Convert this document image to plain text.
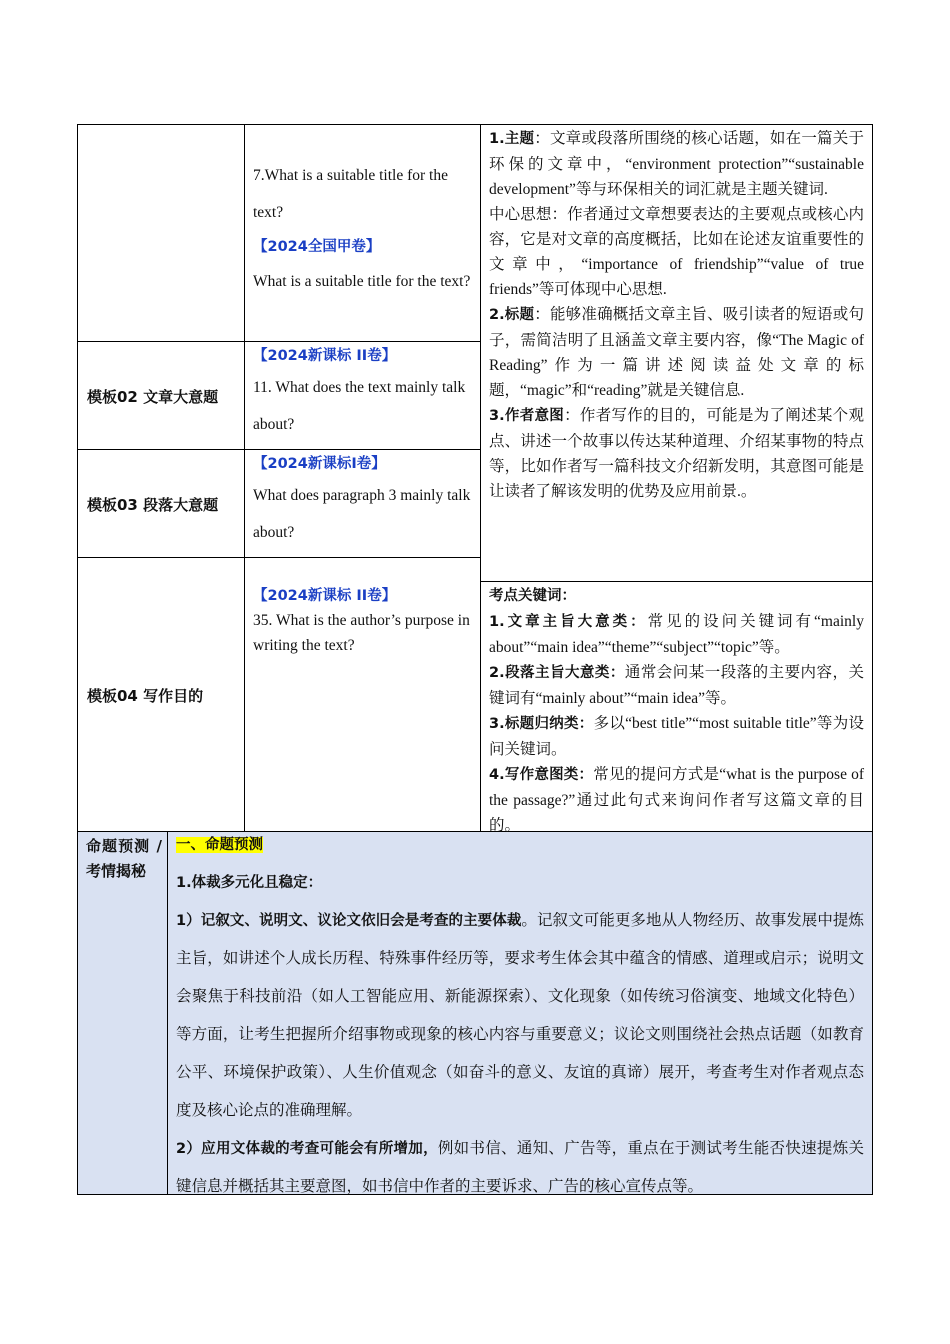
7.What is a suitable title for the text?
【2024全国甲卷】
What is a suitable title for the text?
模板02 文章大意题
【2024新课标 II卷】
11. What does the text mainly talk about?
模板03 段落大意题
【2024新课标Ⅰ卷】
What does paragraph 3 mainly talk about?
模板04 写作目的
【2024新课标 II卷】
35. What is the author’s purpose in writing the text?

1.主题：文章或段落所围绕的核心话题，如在一篇关于环保的文章中，“environment protection”“sustainable development”等与环保相关的词汇就是主题关键词.

中心思想：作者通过文章想要表达的主要观点或核心内容，它是对文章的高度概括，比如在论述友谊重要性的文章中，“importance of friendship”“value of true friends”等可体现中心思想.

2.标题：能够准确概括文章主旨、吸引读者的短语或句子，需简洁明了且涵盖文章主要内容，像“The Magic of Reading”作为一篇讲述阅读益处文章的标题，“magic”和“reading”就是关键信息.

3.作者意图：作者写作的目的，可能是为了阐述某个观点、讲述一个故事以传达某种道理、介绍某事物的特点等，比如作者写一篇科技文介绍新发明，其意图可能是让读者了解该发明的优势及应用前景.。

考点关键词：

1.文章主旨大意类：常见的设问关键词有“mainly about”“main idea”“theme”“subject”“topic”等。

2.段落主旨大意类：通常会问某一段落的主要内容，关键词有“mainly about”“main idea”等。

3.标题归纳类：多以“best title”“most suitable title”等为设问关键词。

4.写作意图类：常见的提问方式是“what is the purpose of the passage?”通过此句式来询问作者写这篇文章的目的。

命题预测 / 考情揭秘

一、命题预测

1.体裁多元化且稳定：

1）记叙文、说明文、议论文依旧会是考查的主要体裁。记叙文可能更多地从人物经历、故事发展中提炼主旨，如讲述个人成长历程、特殊事件经历等，要求考生体会其中蕴含的情感、道理或启示；说明文会聚焦于科技前沿（如人工智能应用、新能源探索）、文化现象（如传统习俗演变、地域文化特色）等方面，让考生把握所介绍事物或现象的核心内容与重要意义；议论文则围绕社会热点话题（如教育公平、环境保护政策）、人生价值观念（如奋斗的意义、友谊的真谛）展开，考查考生对作者观点态度及核心论点的准确理解。

2）应用文体裁的考查可能会有所增加，例如书信、通知、广告等，重点在于测试考生能否快速提炼关键信息并概括其主要意图，如书信中作者的主要诉求、广告的核心宣传点等。
